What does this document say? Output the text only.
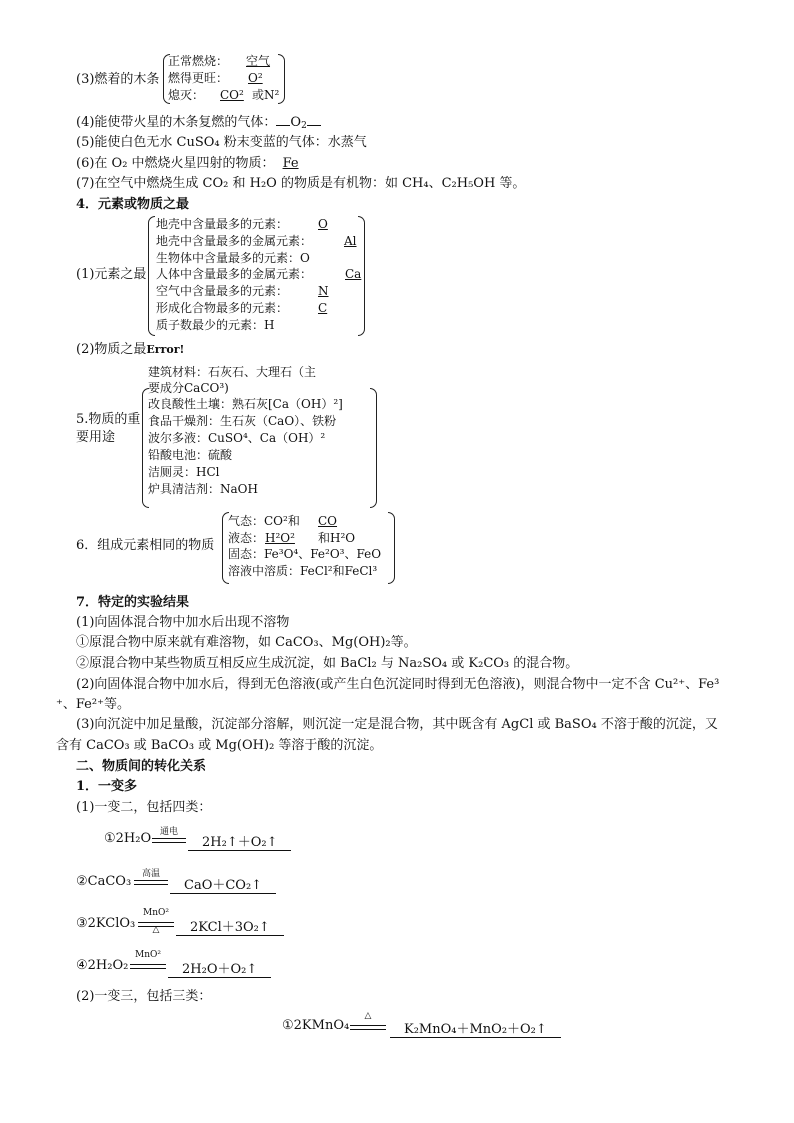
(3)燃着的木条
正常燃烧：
燃得更旺：
熄灭：
空气
O²
CO² 或N²
(4)能使带火星的木条复燃的气体： $O_2$
(5)能使白色无水 CuSO₄ 粉末变蓝的气体：水蒸气
(6)在 O₂ 中燃烧火星四射的物质： Fe
(7)在空气中燃烧生成 CO₂ 和 H₂O 的物质是有机物：如 CH₄、C₂H₅OH 等。
4．元素或物质之最
(1)元素之最
地壳中含量最多的元素：
地壳中含量最多的金属元素：
生物体中含量最多的元素：O
人体中含量最多的金属元素：
空气中含量最多的元素：
形成化合物最多的元素：
质子数最少的元素：H
O
Al
Ca
N
C
(2)物质之最Error!
5.物质的重
要用途
建筑材料：石灰石、大理石（主
要成分CaCO³)
改良酸性土壤：熟石灰[Ca（OH）²]
食品干燥剂：生石灰（CaO）、铁粉
波尔多液：CuSO⁴、Ca（OH）²
铅酸电池：硫酸
洁厕灵：HCl
炉具清洁剂：NaOH
6．组成元素相同的物质
气态：CO²和
液态：
固态：Fe³O⁴、Fe²O³、FeO
溶液中溶质：FeCl²和FeCl³
CO
H²O² 和H²O
7．特定的实验结果
(1)向固体混合物中加水后出现不溶物
①原混合物中原来就有难溶物，如 CaCO₃、Mg(OH)₂等。
②原混合物中某些物质互相反应生成沉淀，如 BaCl₂ 与 Na₂SO₄ 或 K₂CO₃ 的混合物。
(2)向固体混合物中加水后，得到无色溶液(或产生白色沉淀同时得到无色溶液)，则混合物中一定不含 Cu²⁺、Fe³
⁺、Fe²⁺等。
(3)向沉淀中加足量酸，沉淀部分溶解，则沉淀一定是混合物，其中既含有 AgCl 或 BaSO₄ 不溶于酸的沉淀，又
含有 CaCO₃ 或 BaCO₃ 或 Mg(OH)₂ 等溶于酸的沉淀。
二、物质间的转化关系
1．一变多
(1)一变二，包括四类：
①2H₂O 通电
2H₂↑＋O₂↑
②CaCO₃	高温
CaO＋CO₂↑
③2KClO₃
MnO²
△	2KCl＋3O₂↑
④2H₂O₂
MnO²
2H₂O＋O₂↑
(2)一变三，包括三类：
①2KMnO₄
△
K₂MnO₄＋MnO₂＋O₂↑
